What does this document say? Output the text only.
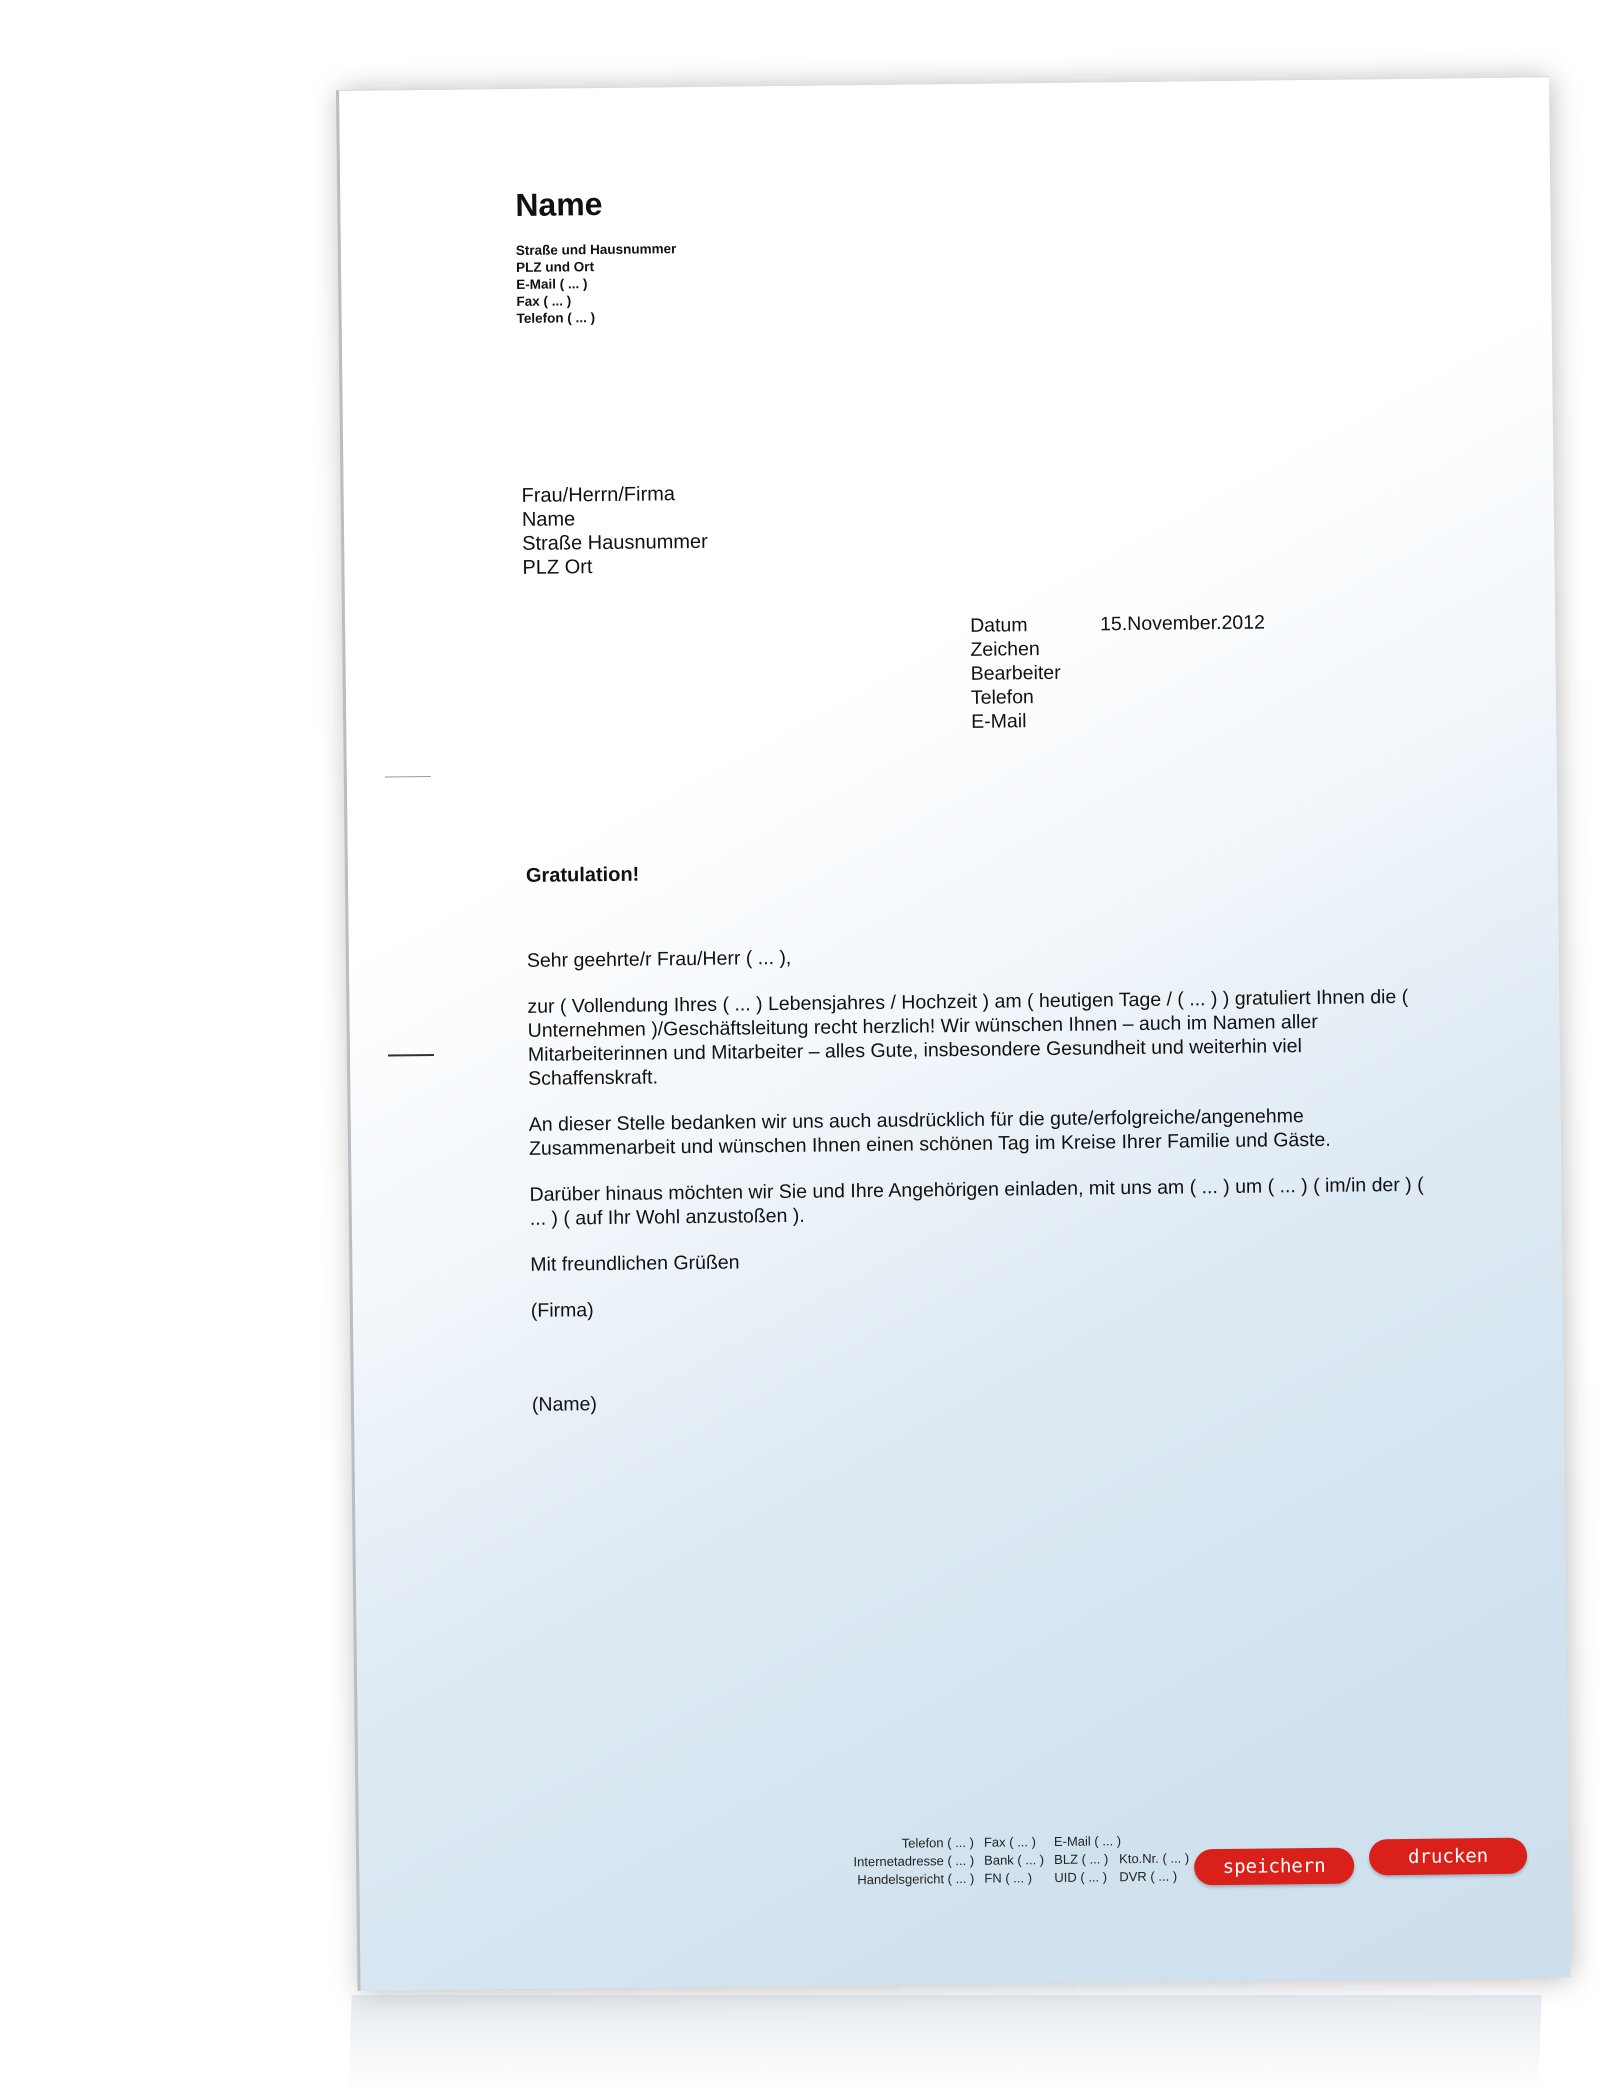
Name
Straße und Hausnummer
PLZ und Ort
E-Mail ( ... )
Fax ( ... )
Telefon ( ... )
Frau/Herrn/Firma
Name
Straße Hausnummer
PLZ Ort
Datum	15.November.2012
Zeichen
Bearbeiter
Telefon
E-Mail
Gratulation!

Sehr geehrte/r Frau/Herr ( ... ),

zur ( Vollendung Ihres ( ... ) Lebensjahres / Hochzeit ) am ( heutigen Tage / ( ... ) ) gratuliert Ihnen die ( Unternehmen )/Geschäftsleitung recht herzlich! Wir wünschen Ihnen – auch im Namen aller Mitarbeiterinnen und Mitarbeiter – alles Gute, insbesondere Gesundheit und weiterhin viel Schaffenskraft.

An dieser Stelle bedanken wir uns auch ausdrücklich für die gute/erfolgreiche/angenehme Zusammenarbeit und wünschen Ihnen einen schönen Tag im Kreise Ihrer Familie und Gäste.

Darüber hinaus möchten wir Sie und Ihre Angehörigen einladen, mit uns am ( ... ) um ( ... ) ( im/in der ) ( ... ) ( auf Ihr Wohl anzustoßen ).

Mit freundlichen Grüßen

(Firma)

(Name)

Telefon ( ... ) Fax ( ... )	E-Mail ( ... )
Internetadresse ( ... ) Bank ( ... ) BLZ ( ... ) Kto.Nr. ( ... )
Handelsgericht ( ... ) FN ( ... )	UID ( ... ) DVR ( ... )	speichern	drucken
